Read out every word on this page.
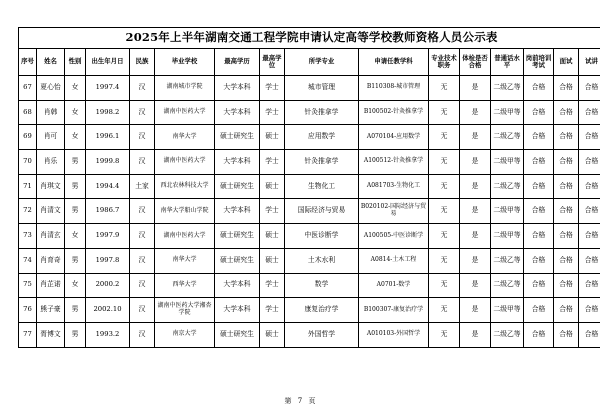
2025年上半年湖南交通工程学院申请认定高等学校教师资格人员公示表															
序号	姓名	性别	出生年月日	民族	毕业学校	最高学历	最高学位	所学专业	申请任教学科	专业技术职务	体检是否合格	普通话水平	岗前培训考试	面试	试讲
67	夏心怡	女	1997.4	汉	湖南城市学院	大学本科	学士	城市管理	B110308-城市管理	无	是	二级乙等	合格	合格	合格
68	肖韩	女	1998.2	汉	湖南中医药大学	大学本科	学士	针灸推拿学	B100502-针灸推拿学	无	是	二级甲等	合格	合格	合格
69	肖可	女	1996.1	汉	南华大学	硕士研究生	硕士	应用数学	A070104-应用数学	无	是	二级乙等	合格	合格	合格
70	肖乐	男	1999.8	汉	湖南中医药大学	大学本科	学士	针灸推拿学	A100512-针灸推拿学	无	是	二级甲等	合格	合格	合格
71	肖琪文	男	1994.4	土家	西北农林科技大学	硕士研究生	硕士	生物化工	A081703-生物化工	无	是	二级乙等	合格	合格	合格
72	肖清文	男	1986.7	汉	南华大学船山学院	大学本科	学士	国际经济与贸易	B020102-国际经济与贸易	无	是	二级甲等	合格	合格	合格
73	肖清玄	女	1997.9	汉	湖南中医药大学	硕士研究生	硕士	中医诊断学	A100505-中医诊断学	无	是	二级甲等	合格	合格	合格
74	肖育奇	男	1997.8	汉	南华大学	硕士研究生	硕士	土木水利	A0814-土木工程	无	是	二级乙等	合格	合格	合格
75	肖芷诺	女	2000.2	汉	西华大学	大学本科	学士	数学	A0701-数学	无	是	二级乙等	合格	合格	合格
76	熊子豪	男	2002.10	汉	湖南中医药大学湘杏学院	大学本科	学士	康复治疗学	B100307-康复治疗学	无	是	二级甲等	合格	合格	合格
77	胥博文	男	1993.2	汉	南京大学	硕士研究生	硕士	外国哲学	A010103-外国哲学	无	是	二级乙等	合格	合格	合格
第 7 页
